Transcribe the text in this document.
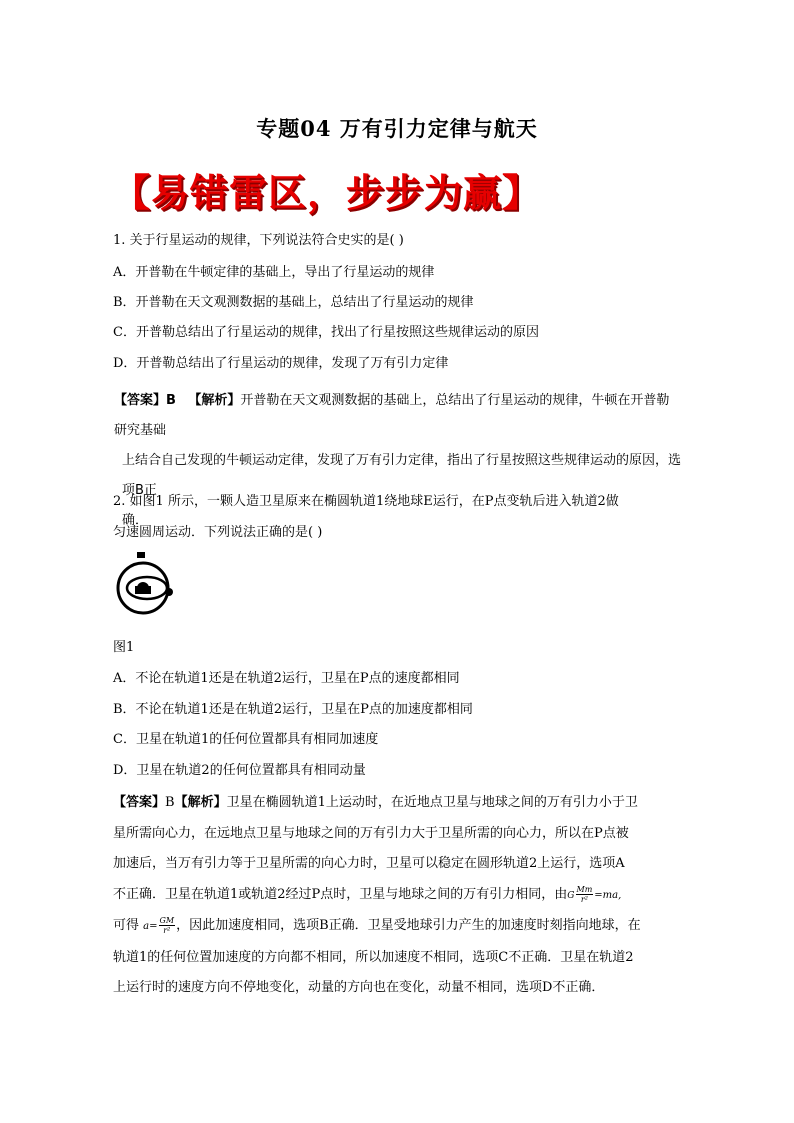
专题04 万有引力定律与航天
【易错雷区，步步为赢】
1. 关于行星运动的规律，下列说法符合史实的是( )
A．开普勒在牛顿定律的基础上，导出了行星运动的规律
B．开普勒在天文观测数据的基础上，总结出了行星运动的规律
C．开普勒总结出了行星运动的规律，找出了行星按照这些规律运动的原因
D．开普勒总结出了行星运动的规律，发现了万有引力定律
【答案】B 【解析】开普勒在天文观测数据的基础上，总结出了行星运动的规律，牛顿在开普勒研究基础
上结合自己发现的牛顿运动定律，发现了万有引力定律，指出了行星按照这些规律运动的原因，选项B正
确．
2. 如图1 所示，一颗人造卫星原来在椭圆轨道1绕地球E运行，在P点变轨后进入轨道2做
匀速圆周运动．下列说法正确的是( )
图1
A．不论在轨道1还是在轨道2运行，卫星在P点的速度都相同
B．不论在轨道1还是在轨道2运行，卫星在P点的加速度都相同
C．卫星在轨道1的任何位置都具有相同加速度
D．卫星在轨道2的任何位置都具有相同动量
【答案】B【解析】卫星在椭圆轨道1上运动时，在近地点卫星与地球之间的万有引力小于卫
星所需向心力，在远地点卫星与地球之间的万有引力大于卫星所需的向心力，所以在P点被
加速后，当万有引力等于卫星所需的向心力时，卫星可以稳定在圆形轨道2上运行，选项A
不正确．卫星在轨道1或轨道2经过P点时，卫星与地球之间的万有引力相同，由G $\frac{Mm}{\text{r²}} =ma$,
可得 $a= \frac{GM}{\text{r²}}$ ，因此加速度相同，选项B正确．卫星受地球引力产生的加速度时刻指向地球，在
轨道1的任何位置加速度的方向都不相同，所以加速度不相同，选项C不正确．卫星在轨道2
上运行时的速度方向不停地变化，动量的方向也在变化，动量不相同，选项D不正确．
